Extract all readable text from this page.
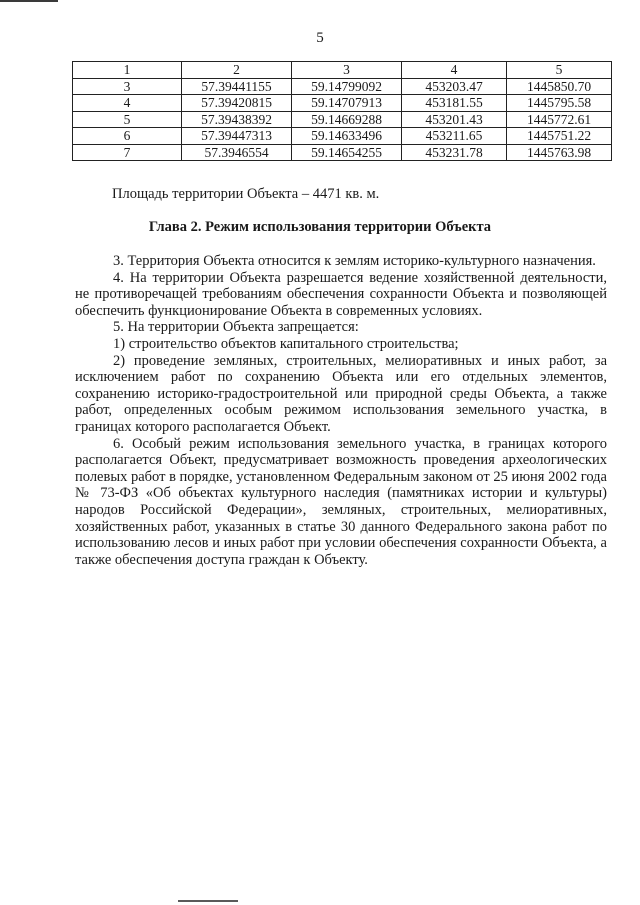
5
1	2	3	4	5
3	57.39441155	59.14799092	453203.47	1445850.70
4	57.39420815	59.14707913	453181.55	1445795.58
5	57.39438392	59.14669288	453201.43	1445772.61
6	57.39447313	59.14633496	453211.65	1445751.22
7	57.3946554	59.14654255	453231.78	1445763.98
Площадь территории Объекта – 4471 кв. м.
Глава 2. Режим использования территории Объекта

3. Территория Объекта относится к землям историко-культурного назначения.

4. На территории Объекта разрешается ведение хозяйственной деятельности, не противоречащей требованиям обеспечения сохранности Объекта и позволяющей обеспечить функционирование Объекта в современных условиях.

5. На территории Объекта запрещается:

1) строительство объектов капитального строительства;

2) проведение земляных, строительных, мелиоративных и иных работ, за исключением работ по сохранению Объекта или его отдельных элементов, сохранению историко-градостроительной или природной среды Объекта, а также работ, определенных особым режимом использования земельного участка, в границах которого располагается Объект.

6. Особый режим использования земельного участка, в границах которого располагается Объект, предусматривает возможность проведения археологических полевых работ в порядке, установленном Федеральным законом от 25 июня 2002 года № 73-ФЗ «Об объектах культурного наследия (памятниках истории и культуры) народов Российской Федерации», земляных, строительных, мелиоративных, хозяйственных работ, указанных в статье 30 данного Федерального закона работ по использованию лесов и иных работ при условии обеспечения сохранности Объекта, а также обеспечения доступа граждан к Объекту.
